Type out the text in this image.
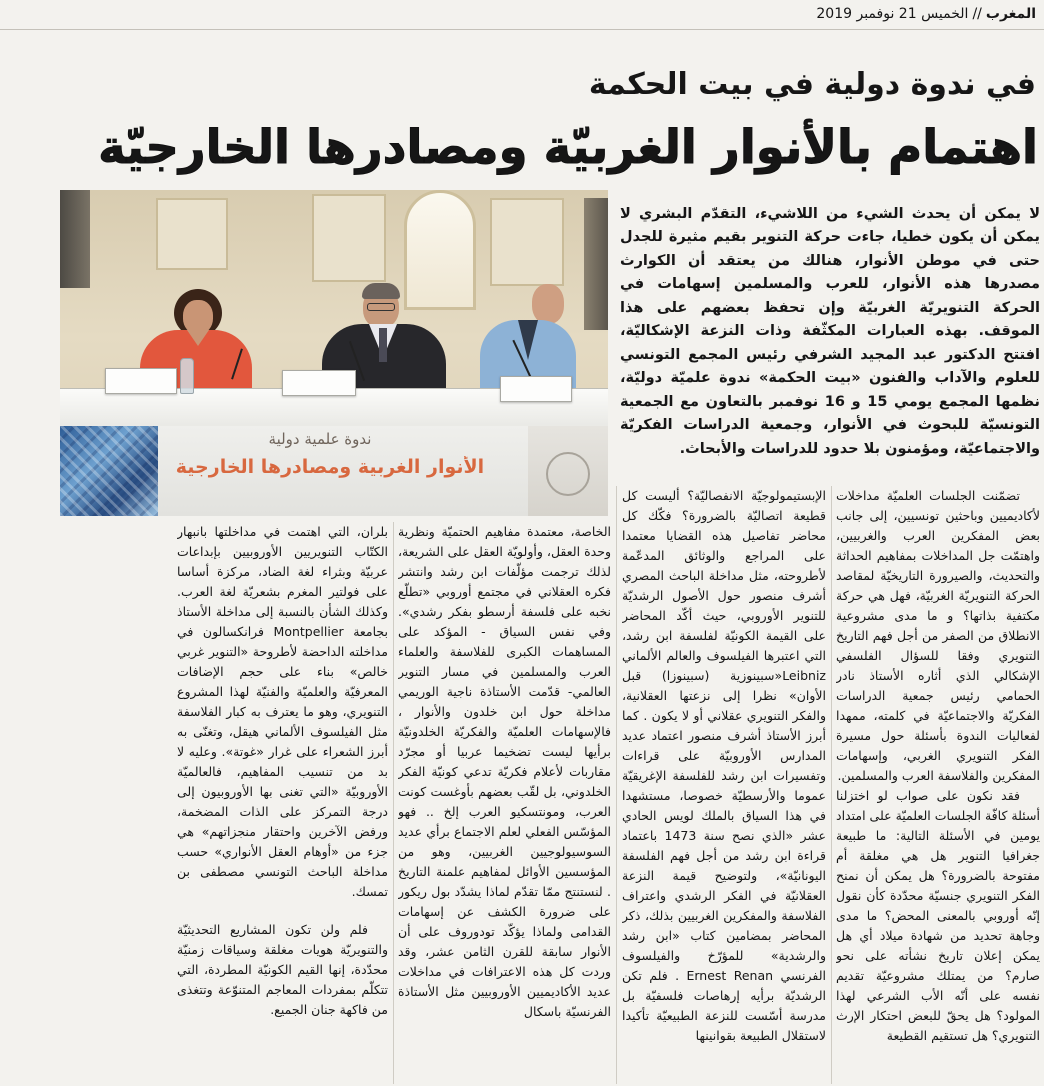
المغرب//الخميس 21 نوفمبر 2019
في ندوة دولية في بيت الحكمة
اهتمام بالأنوار الغربيّة ومصادرها الخارجيّة
ندوة علمية دولية
الأنوار الغربية ومصادرها الخارجية
لا يمكن أن يحدث الشيء من اللاشيء، التقدّم البشري لا يمكن أن يكون خطيا، جاءت حركة التنوير بقيم مثيرة للجدل حتى في موطن الأنوار، هنالك من يعتقد أن الكوارث مصدرها هذه الأنوار، للعرب والمسلمين إسهامات في الحركة التنويريّة الغربيّة وإن تحفظ بعضهم على هذا الموقف. بهذه العبارات المكثّفة وذات النزعة الإشكاليّة، افتتح الدكتور عبد المجيد الشرفي رئيس المجمع التونسي للعلوم والآداب والفنون «بيت الحكمة» ندوة علميّة دوليّة، نظمها المجمع يومي 15 و 16 نوفمبر بالتعاون مع الجمعية التونسيّة للبحوث في الأنوار، وجمعية الدراسات الفكريّة والاجتماعيّة، ومؤمنون بلا حدود للدراسات والأبحاث.

تضمّنت الجلسات العلميّة مداخلات لأكاديميين وباحثين تونسيين، إلى جانب بعض المفكرين العرب والغربيين، واهتمّت جل المداخلات بمفاهيم الحداثة والتحديث، والصيرورة التاريخيّة لمقاصد الحركة التنويريّة الغربيّة، فهل هي حركة مكتفية بذاتها؟ و ما مدى مشروعية الانطلاق من الصفر من أجل فهم التاريخ التنويري وفقا للسؤال الفلسفي الإشكالي الذي أثاره الأستاذ نادر الحمامي رئيس جمعية الدراسات الفكريّة والاجتماعيّة في كلمته، ممهدا لفعاليات الندوة بأسئلة حول مسيرة الفكر التنويري الغربي، وإسهامات المفكرين والفلاسفة العرب والمسلمين.

فقد نكون على صواب لو اختزلنا أسئلة كافّة الجلسات العلميّة على امتداد يومين في الأسئلة التالية: ما طبيعة جغرافيا التنوير هل هي مغلقة أم مفتوحة بالضرورة؟ هل يمكن أن نمنح الفكر التنويري جنسيّة محدّدة كأن نقول إنّه أوروبي بالمعنى المحض؟ ما مدى وجاهة تحديد من شهادة ميلاد أي هل يمكن إعلان تاريخ نشأته على نحو صارم؟ من يمتلك مشروعيّة تقديم نفسه على أنّه الأب الشرعي لهذا المولود؟ هل يحقّ للبعض احتكار الإرث التنويري؟ هل تستقيم القطيعة

الإبستيمولوجيّة الانفصاليّة؟ أليست كل قطيعة اتصاليّة بالضرورة؟ فكّك كل محاضر تفاصيل هذه القضايا معتمدا على المراجع والوثائق المدعّمة لأطروحته، مثل مداخلة الباحث المصري أشرف منصور حول الأصول الرشديّة للتنوير الأوروبي، حيث أكّد المحاضر على القيمة الكونيّة لفلسفة ابن رشد، التي اعتبرها الفيلسوف والعالم الألماني Leibniz«سبينوزية (سبينوزا) قبل الأوان» نظرا إلى نزعتها العقلانية، والفكر التنويري عقلاني أو لا يكون . كما أبرز الأستاذ أشرف منصور اعتماد عديد المدارس الأوروبيّة على قراءات وتفسيرات ابن رشد للفلسفة الإغريقيّة عموما والأرسطيّة خصوصا، مستشهدا في هذا السياق بالملك لويس الحادي عشر «الذي نصح سنة 1473 باعتماد قراءة ابن رشد من أجل فهم الفلسفة اليونانيّة»، ولتوضيح قيمة النزعة العقلانيّة في الفكر الرشدي واعتراف الفلاسفة والمفكرين الغربيين بذلك، ذكر المحاضر بمضامين كتاب «ابن رشد والرشدية» للمؤرّخ والفيلسوف الفرنسي Ernest Renan . فلم تكن الرشديّة برأيه إرهاصات فلسفيّة بل مدرسة أسّست للنزعة الطبيعيّة تأكيدا لاستقلال الطبيعة بقوانينها

الخاصة، معتمدة مفاهيم الحتميّة ونظرية وحدة العقل، وأولويّة العقل على الشريعة، لذلك ترجمت مؤلّفات ابن رشد وانتشر فكره العقلاني في مجتمع أوروبي «تطلّع نخبه على فلسفة أرسطو بفكر رشدي». وفي نفس السياق - المؤكد على المساهمات الكبرى للفلاسفة والعلماء العرب والمسلمين في مسار التنوير العالمي- قدّمت الأستاذة ناجية الوريمي مداخلة حول ابن خلدون والأنوار ، فالإسهامات العلميّة والفكريّة الخلدونيّة برأيها ليست تضخيما عربيا أو مجرّد مقاربات لأعلام فكريّة تدعي كونيّة الفكر الخلدوني، بل لقّب بعضهم بأوغست كونت العرب، ومونتسكيو العرب إلخ .. فهو المؤسّس الفعلي لعلم الاجتماع برأي عديد السوسيولوجيين الغربيين، وهو من المؤسسين الأوائل لمفاهيم علمنة التاريخ . لنستنتج ممّا تقدّم لماذا يشدّد بول ريكور على ضرورة الكشف عن إسهامات القدامى ولماذا يؤكّد تودوروف على أن الأنوار سابقة للقرن الثامن عشر، وقد وردت كل هذه الاعترافات في مداخلات عديد الأكاديميين الأوروبيين مثل الأستاذة الفرنسيّة باسكال

بلران، التي اهتمت في مداخلتها بانبهار الكتّاب التنويريين الأوروبيين بإبداعات عربيّة وبثراء لغة الضاد، مركزة أساسا على فولتير المغرم بشعريّة لغة العرب. وكذلك الشأن بالنسبة إلى مداخلة الأستاذ بجامعة Montpellier فرانكسالون في مداخلته الداحضة لأطروحة «التنوير غربي خالص» بناء على حجم الإضافات المعرفيّة والعلميّة والفنيّة لهذا المشروع التنويري، وهو ما يعترف به كبار الفلاسفة مثل الفيلسوف الألماني هيقل، وتغنّى به أبرز الشعراء على غرار «غوتة». وعليه لا بد من تنسيب المفاهيم، فالعالميّة الأوروبيّة «التي تغنى بها الأوروبيون إلى درجة التمركز على الذات المضخمة، ورفض الآخرين واحتقار منجزاتهم» هي جزء من «أوهام العقل الأنواري» حسب مداخلة الباحث التونسي مصطفى بن تمسك.

فلم ولن تكون المشاريع التحديثيّة والتنويريّة هويات مغلقة وسياقات زمنيّة محدّدة، إنها القيم الكونيّة المطردة، التي تتكلّم بمفردات المعاجم المتنوّعة وتتغذى من فاكهة جنان الجميع.
